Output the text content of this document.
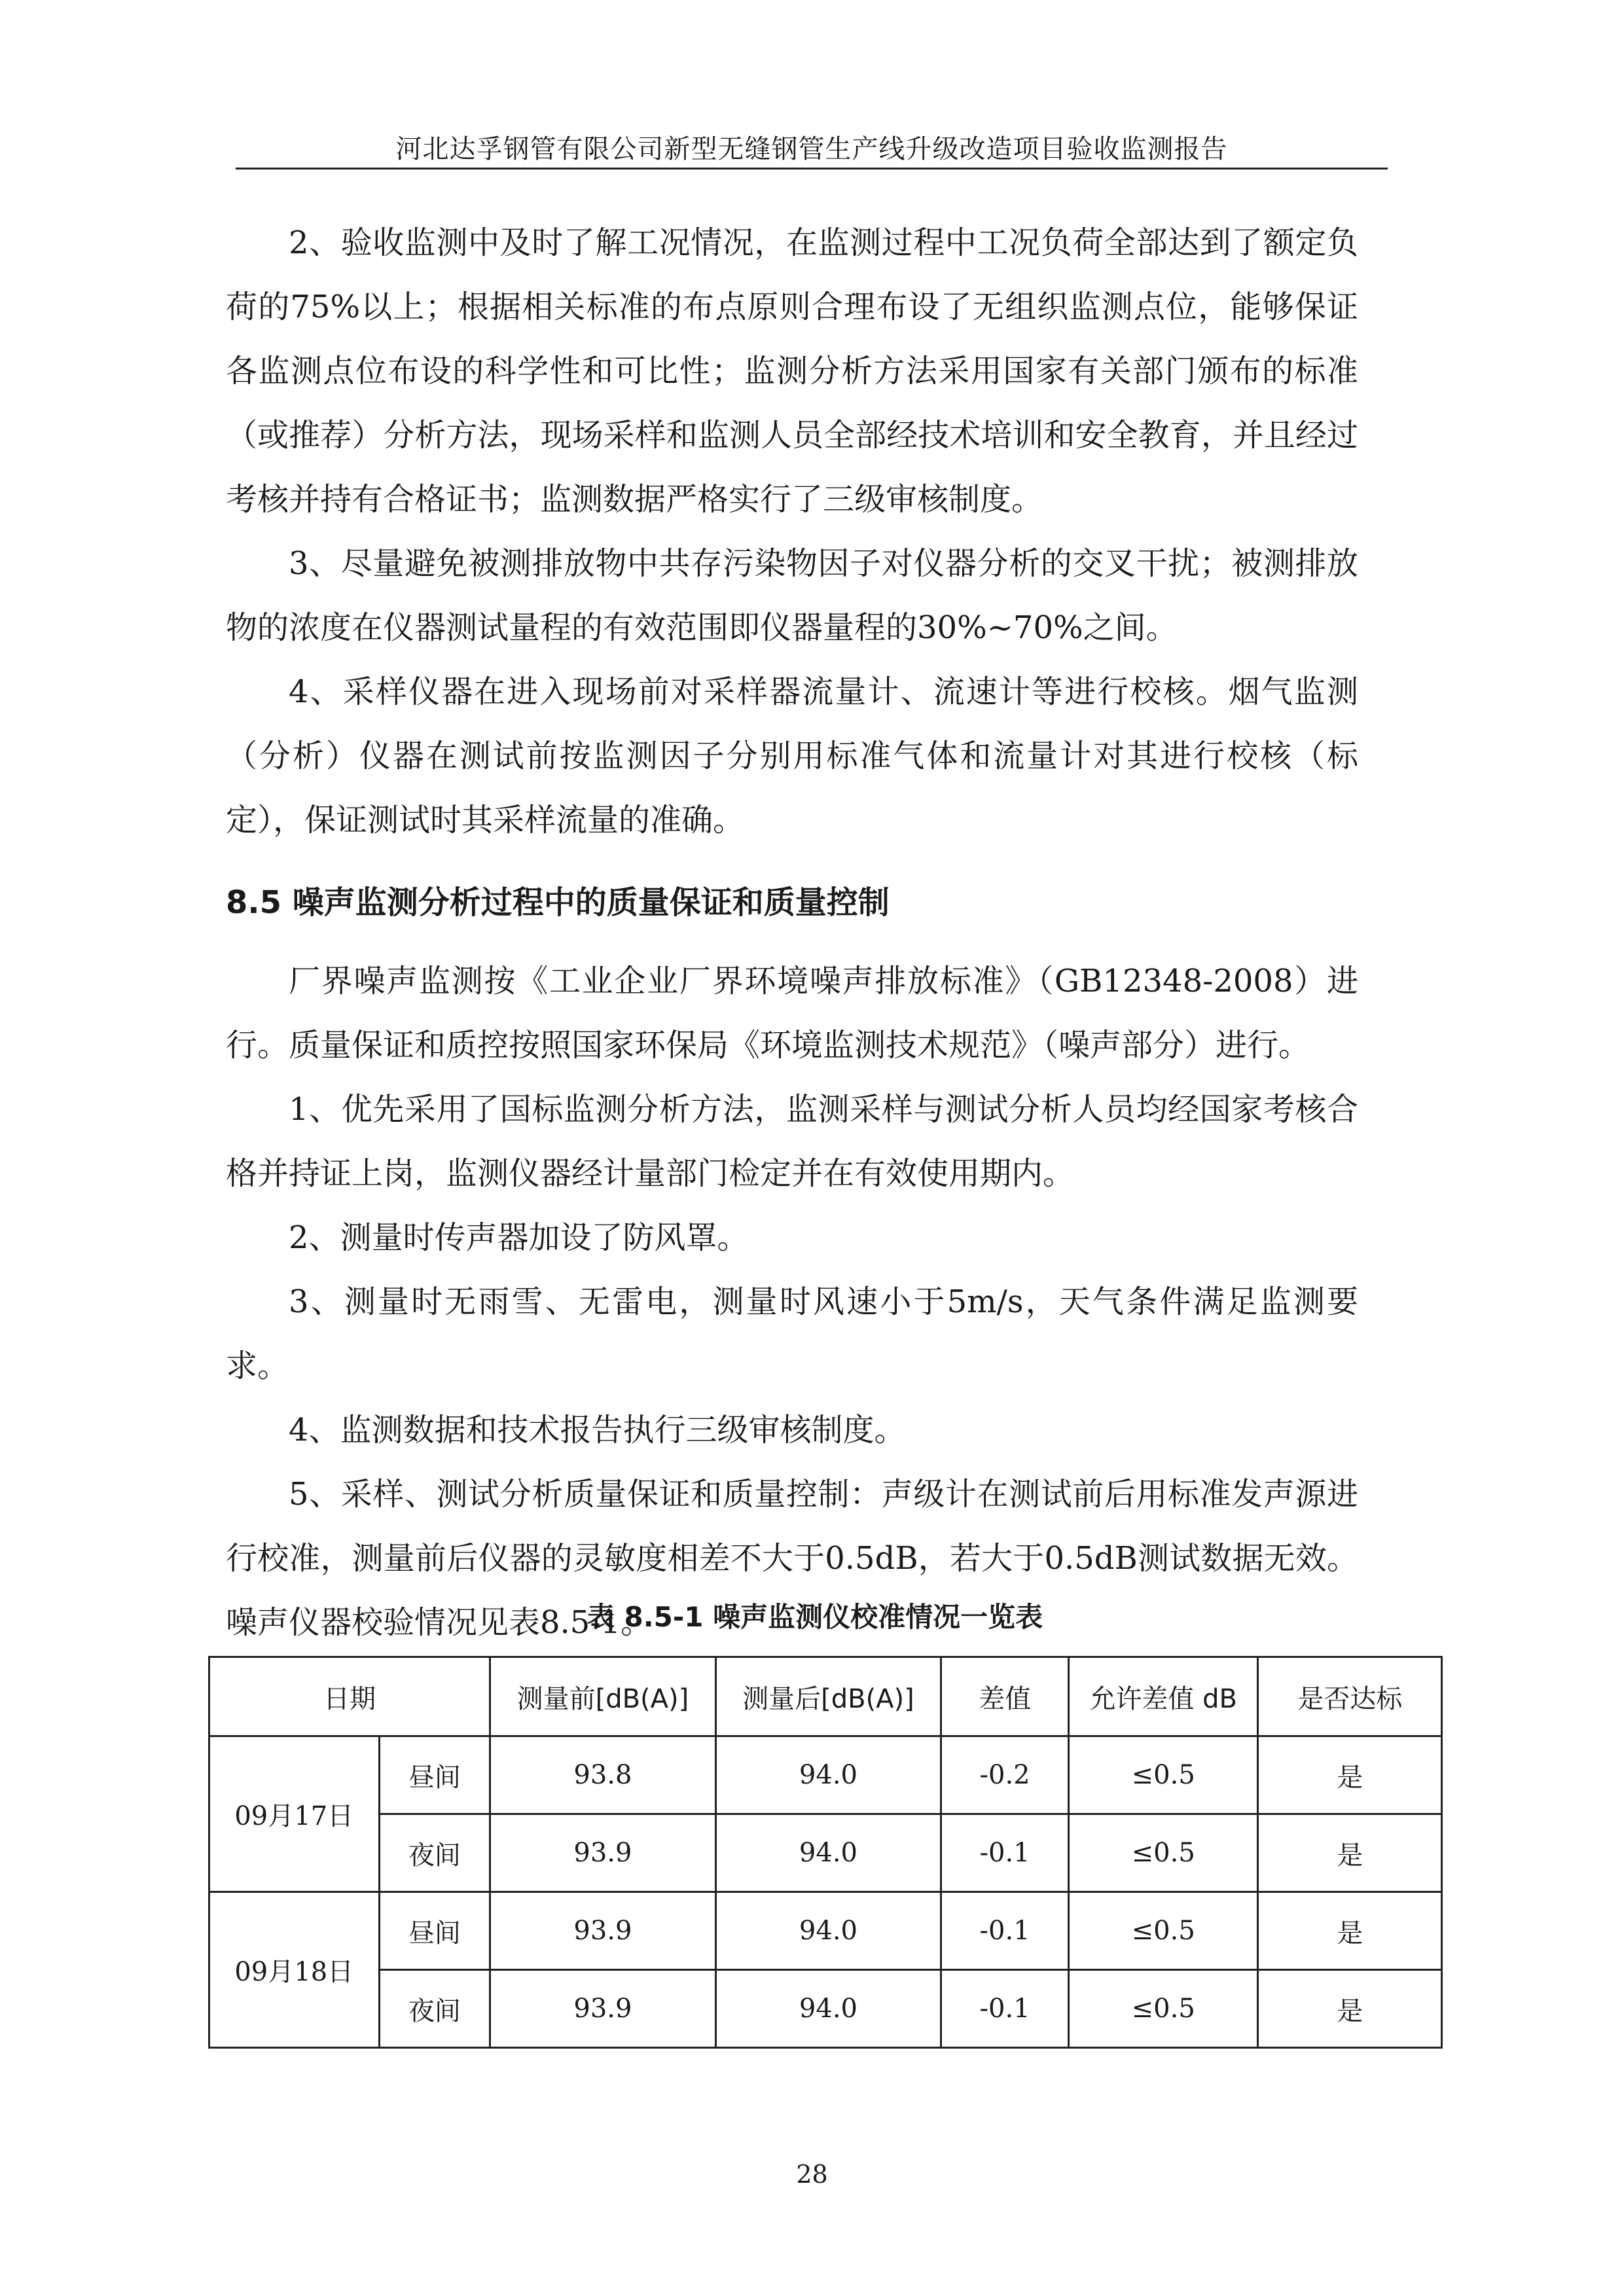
河北达孚钢管有限公司新型无缝钢管生产线升级改造项目验收监测报告

2、验收监测中及时了解工况情况，在监测过程中工况负荷全部达到了额定负荷的75%以上；根据相关标准的布点原则合理布设了无组织监测点位，能够保证各监测点位布设的科学性和可比性；监测分析方法采用国家有关部门颁布的标准（或推荐）分析方法，现场采样和监测人员全部经技术培训和安全教育，并且经过考核并持有合格证书；监测数据严格实行了三级审核制度。

3、尽量避免被测排放物中共存污染物因子对仪器分析的交叉干扰；被测排放物的浓度在仪器测试量程的有效范围即仪器量程的30%~70%之间。

4、采样仪器在进入现场前对采样器流量计、流速计等进行校核。烟气监测（分析）仪器在测试前按监测因子分别用标准气体和流量计对其进行校核（标定），保证测试时其采样流量的准确。

8.5 噪声监测分析过程中的质量保证和质量控制

厂界噪声监测按《工业企业厂界环境噪声排放标准》（GB12348-2008）进行。质量保证和质控按照国家环保局《环境监测技术规范》（噪声部分）进行。

1、优先采用了国标监测分析方法，监测采样与测试分析人员均经国家考核合格并持证上岗，监测仪器经计量部门检定并在有效使用期内。

2、测量时传声器加设了防风罩。

3、测量时无雨雪、无雷电，测量时风速小于5m/s，天气条件满足监测要求。

4、监测数据和技术报告执行三级审核制度。

5、采样、测试分析质量保证和质量控制：声级计在测试前后用标准发声源进行校准，测量前后仪器的灵敏度相差不大于0.5dB，若大于0.5dB测试数据无效。噪声仪器校验情况见表8.5-1。

表 8.5-1 噪声监测仪校准情况一览表
日期		测量前[dB(A)]	测量后[dB(A)]	差值	允许差值 dB	是否达标
09月17日	昼间	93.8	94.0	-0.2	≤0.5	是
	夜间	93.9	94.0	-0.1	≤0.5	是
09月18日	昼间	93.9	94.0	-0.1	≤0.5	是
	夜间	93.9	94.0	-0.1	≤0.5	是
28
